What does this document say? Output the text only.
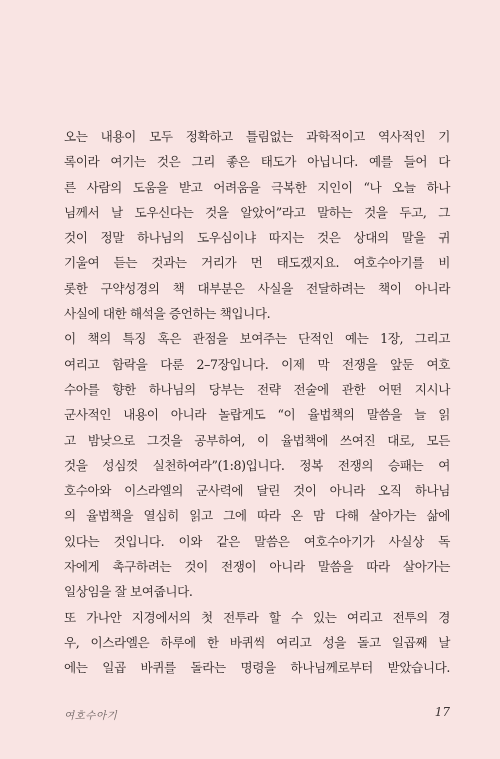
오는 내용이 모두 정확하고 틀림없는 과학적이고 역사적인 기
록이라 여기는 것은 그리 좋은 태도가 아닙니다. 예를 들어 다
른 사람의 도움을 받고 어려움을 극복한 지인이 “나 오늘 하나
님께서 날 도우신다는 것을 알았어”라고 말하는 것을 두고, 그
것이 정말 하나님의 도우심이냐 따지는 것은 상대의 말을 귀
기울여 듣는 것과는 거리가 먼 태도겠지요. 여호수아기를 비
롯한 구약성경의 책 대부분은 사실을 전달하려는 책이 아니라
사실에 대한 해석을 증언하는 책입니다.
이 책의 특징 혹은 관점을 보여주는 단적인 예는 1장, 그리고
여리고 함락을 다룬 2–7장입니다. 이제 막 전쟁을 앞둔 여호
수아를 향한 하나님의 당부는 전략 전술에 관한 어떤 지시나
군사적인 내용이 아니라 놀랍게도 “이 율법책의 말씀을 늘 읽
고 밤낮으로 그것을 공부하여, 이 율법책에 쓰여진 대로, 모든
것을 성심껏 실천하여라”(1:8)입니다. 정복 전쟁의 승패는 여
호수아와 이스라엘의 군사력에 달린 것이 아니라 오직 하나님
의 율법책을 열심히 읽고 그에 따라 온 맘 다해 살아가는 삶에
있다는 것입니다. 이와 같은 말씀은 여호수아기가 사실상 독
자에게 촉구하려는 것이 전쟁이 아니라 말씀을 따라 살아가는
일상임을 잘 보여줍니다.
또 가나안 지경에서의 첫 전투라 할 수 있는 여리고 전투의 경
우, 이스라엘은 하루에 한 바퀴씩 여리고 성을 돌고 일곱째 날
에는 일곱 바퀴를 돌라는 명령을 하나님께로부터 받았습니다.
여호수아기	17
